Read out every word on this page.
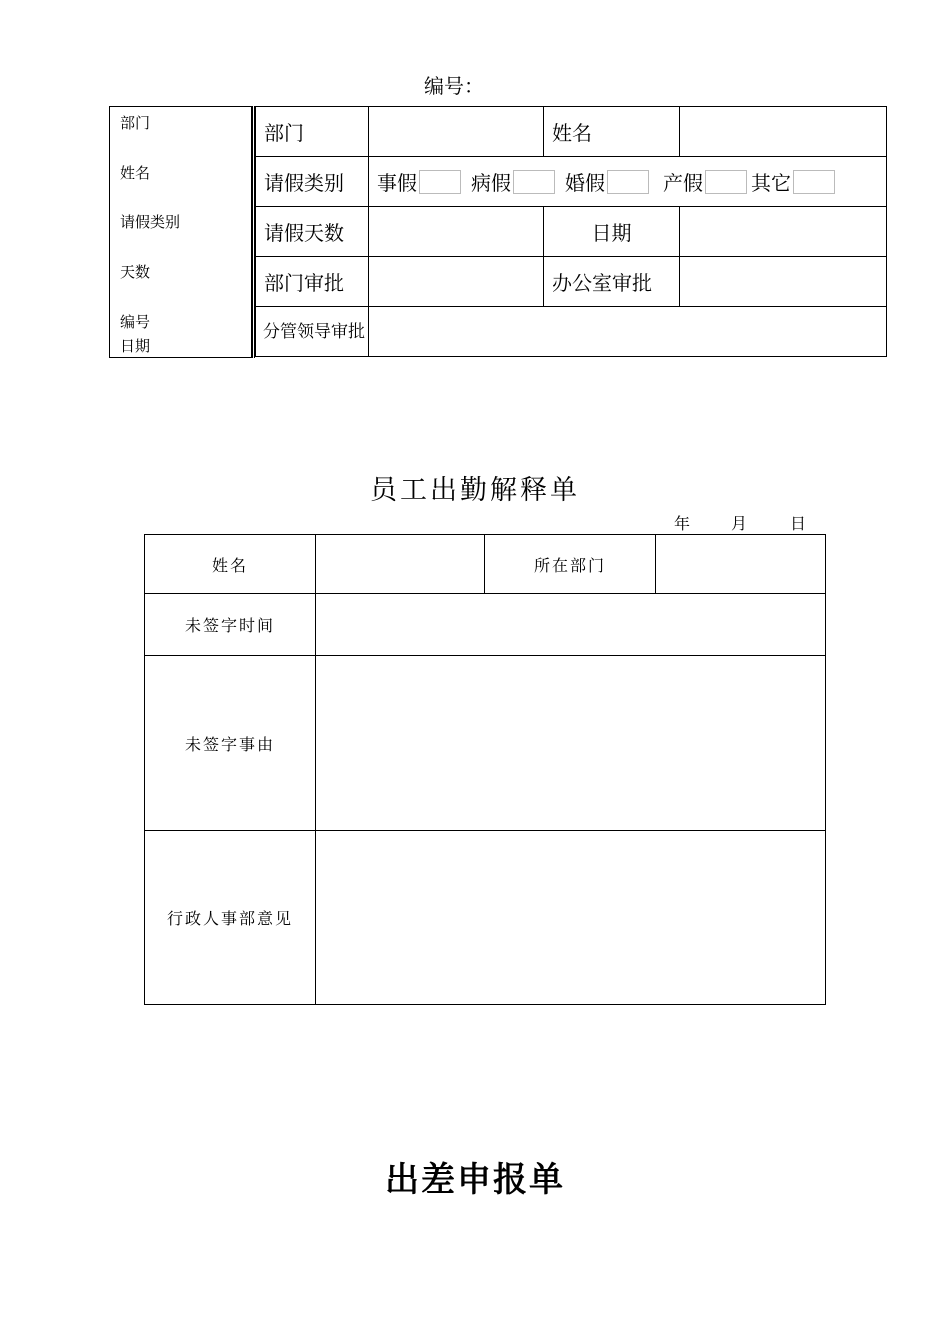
编号：
部门
姓名
请假类别
天数
编号
日期
部门		姓名	
请假类别	事假 病假 婚假 产假 其它		
请假天数		日期	
部门审批		办公室审批	
分管领导审批			
员工出勤解释单
年	月	日
姓名		所在部门	
未签字时间			
未签字事由			
行政人事部意见			
出差申报单
